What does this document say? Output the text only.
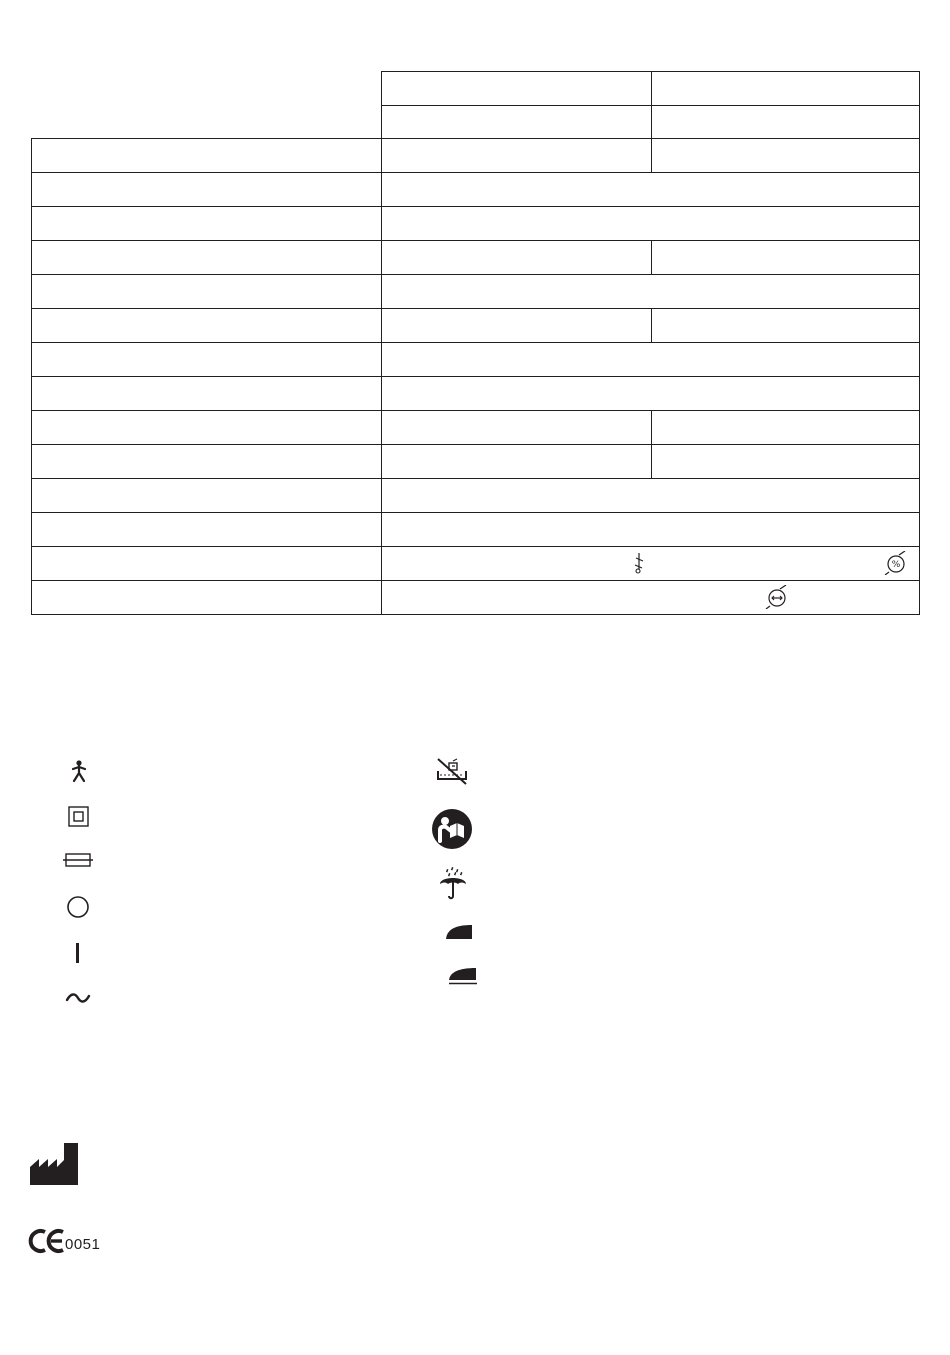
0051
